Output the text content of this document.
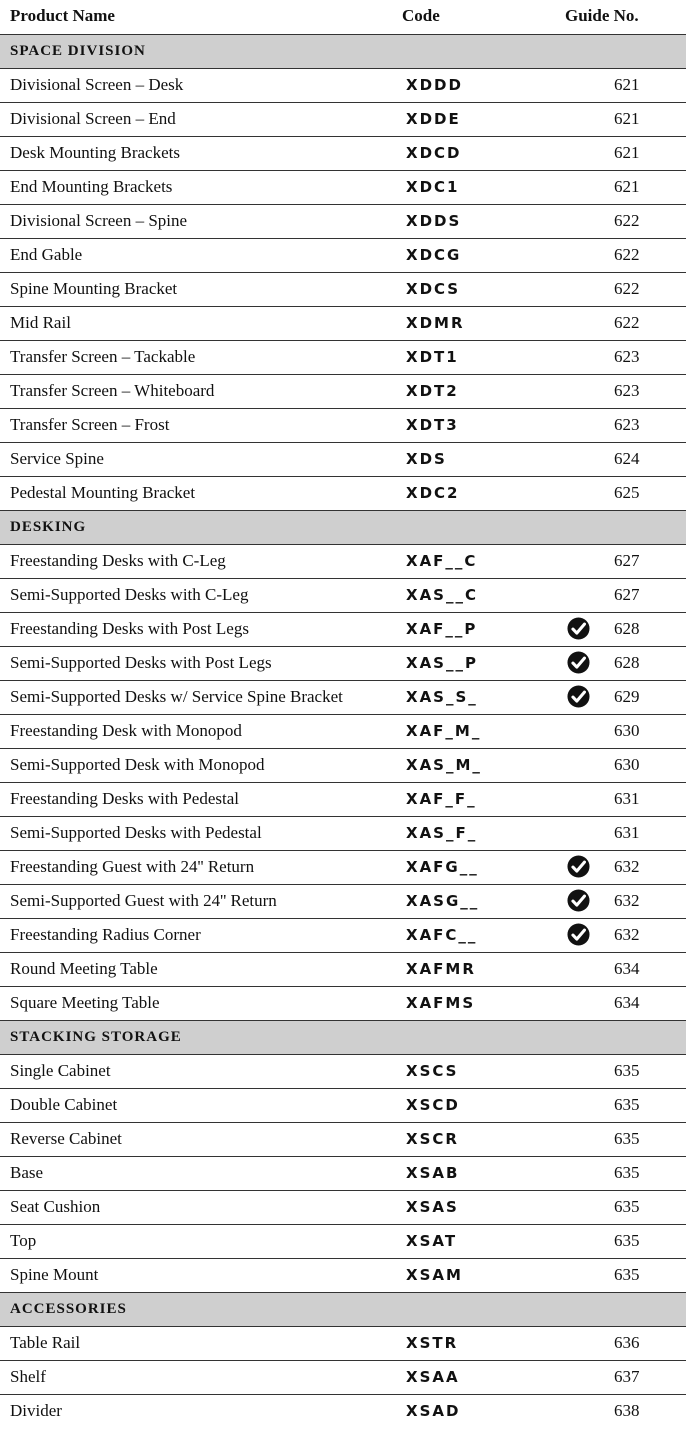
Product Name	Code	Guide No.
SPACE DIVISION
Divisional Screen – Desk	XDDD	621
Divisional Screen – End	XDDE	621
Desk Mounting Brackets	XDCD	621
End Mounting Brackets	XDC1	621
Divisional Screen – Spine	XDDS	622
End Gable	XDCG	622
Spine Mounting Bracket	XDCS	622
Mid Rail	XDMR	622
Transfer Screen – Tackable	XDT1	623
Transfer Screen – Whiteboard	XDT2	623
Transfer Screen – Frost	XDT3	623
Service Spine	XDS	624
Pedestal Mounting Bracket	XDC2	625
DESKING
Freestanding Desks with C-Leg	XAF__C	627
Semi-Supported Desks with C-Leg	XAS__C	627
Freestanding Desks with Post Legs	XAF__P	628
Semi-Supported Desks with Post Legs	XAS__P	628
Semi-Supported Desks w/ Service Spine Bracket	XAS_S_	629
Freestanding Desk with Monopod	XAF_M_	630
Semi-Supported Desk with Monopod	XAS_M_	630
Freestanding Desks with Pedestal	XAF_F_	631
Semi-Supported Desks with Pedestal	XAS_F_	631
Freestanding Guest with 24'' Return	XAFG__	632
Semi-Supported Guest with 24'' Return	XASG__	632
Freestanding Radius Corner	XAFC__	632
Round Meeting Table	XAFMR	634
Square Meeting Table	XAFMS	634
STACKING STORAGE
Single Cabinet	XSCS	635
Double Cabinet	XSCD	635
Reverse Cabinet	XSCR	635
Base	XSAB	635
Seat Cushion	XSAS	635
Top	XSAT	635
Spine Mount	XSAM	635
ACCESSORIES
Table Rail	XSTR	636
Shelf	XSAA	637
Divider	XSAD	638
